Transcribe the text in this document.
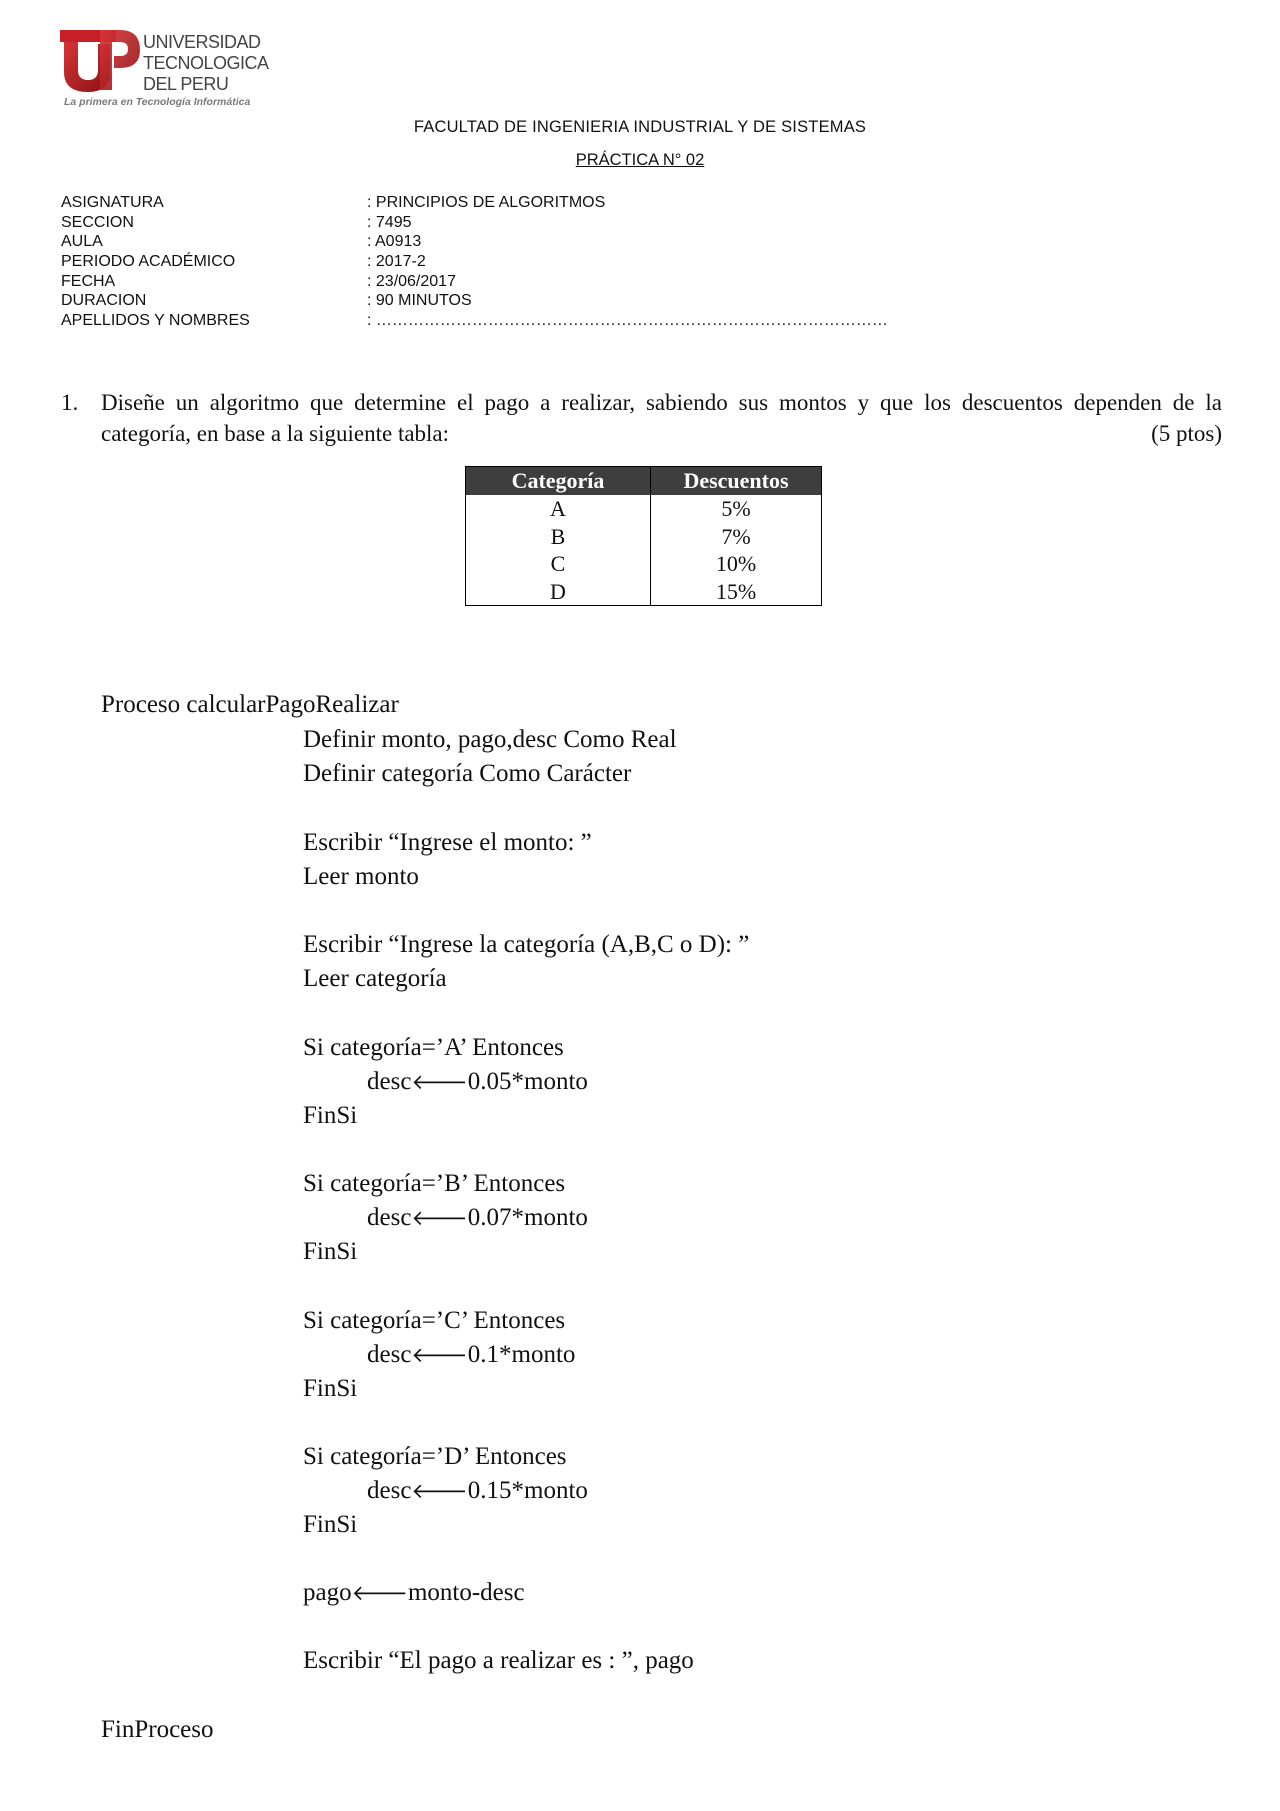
UNIVERSIDAD
TECNOLOGICA
DEL PERU
La primera en Tecnología Informática
FACULTAD DE INGENIERIA INDUSTRIAL Y DE SISTEMAS
PRÁCTICA N° 02
ASIGNATURA	: PRINCIPIOS DE ALGORITMOS
SECCION	: 7495
AULA	: A0913
PERIODO ACADÉMICO	: 2017-2
FECHA	: 23/06/2017
DURACION	: 90 MINUTOS
APELLIDOS Y NOMBRES	: ……………………………………………………………………………………
1. Diseñe un algoritmo que determine el pago a realizar, sabiendo sus montos y que los descuentos dependen de la categoría, en base a la siguiente tabla:	(5 ptos)
Categoría	Descuentos
A	5%
B	7%
C	10%
D	15%
Proceso calcularPagoRealizar
Definir monto, pago,desc Como Real
Definir categoría Como Carácter
Escribir “Ingrese el monto: ”
Leer monto
Escribir “Ingrese la categoría (A,B,C o D): ”
Leer categoría
Si categoría=’A’ Entonces
desc🡐0.05*monto
FinSi
Si categoría=’B’ Entonces
desc🡐0.07*monto
FinSi
Si categoría=’C’ Entonces
desc🡐0.1*monto
FinSi
Si categoría=’D’ Entonces
desc🡐0.15*monto
FinSi
pago🡐monto-desc
Escribir “El pago a realizar es : ”, pago
FinProceso
